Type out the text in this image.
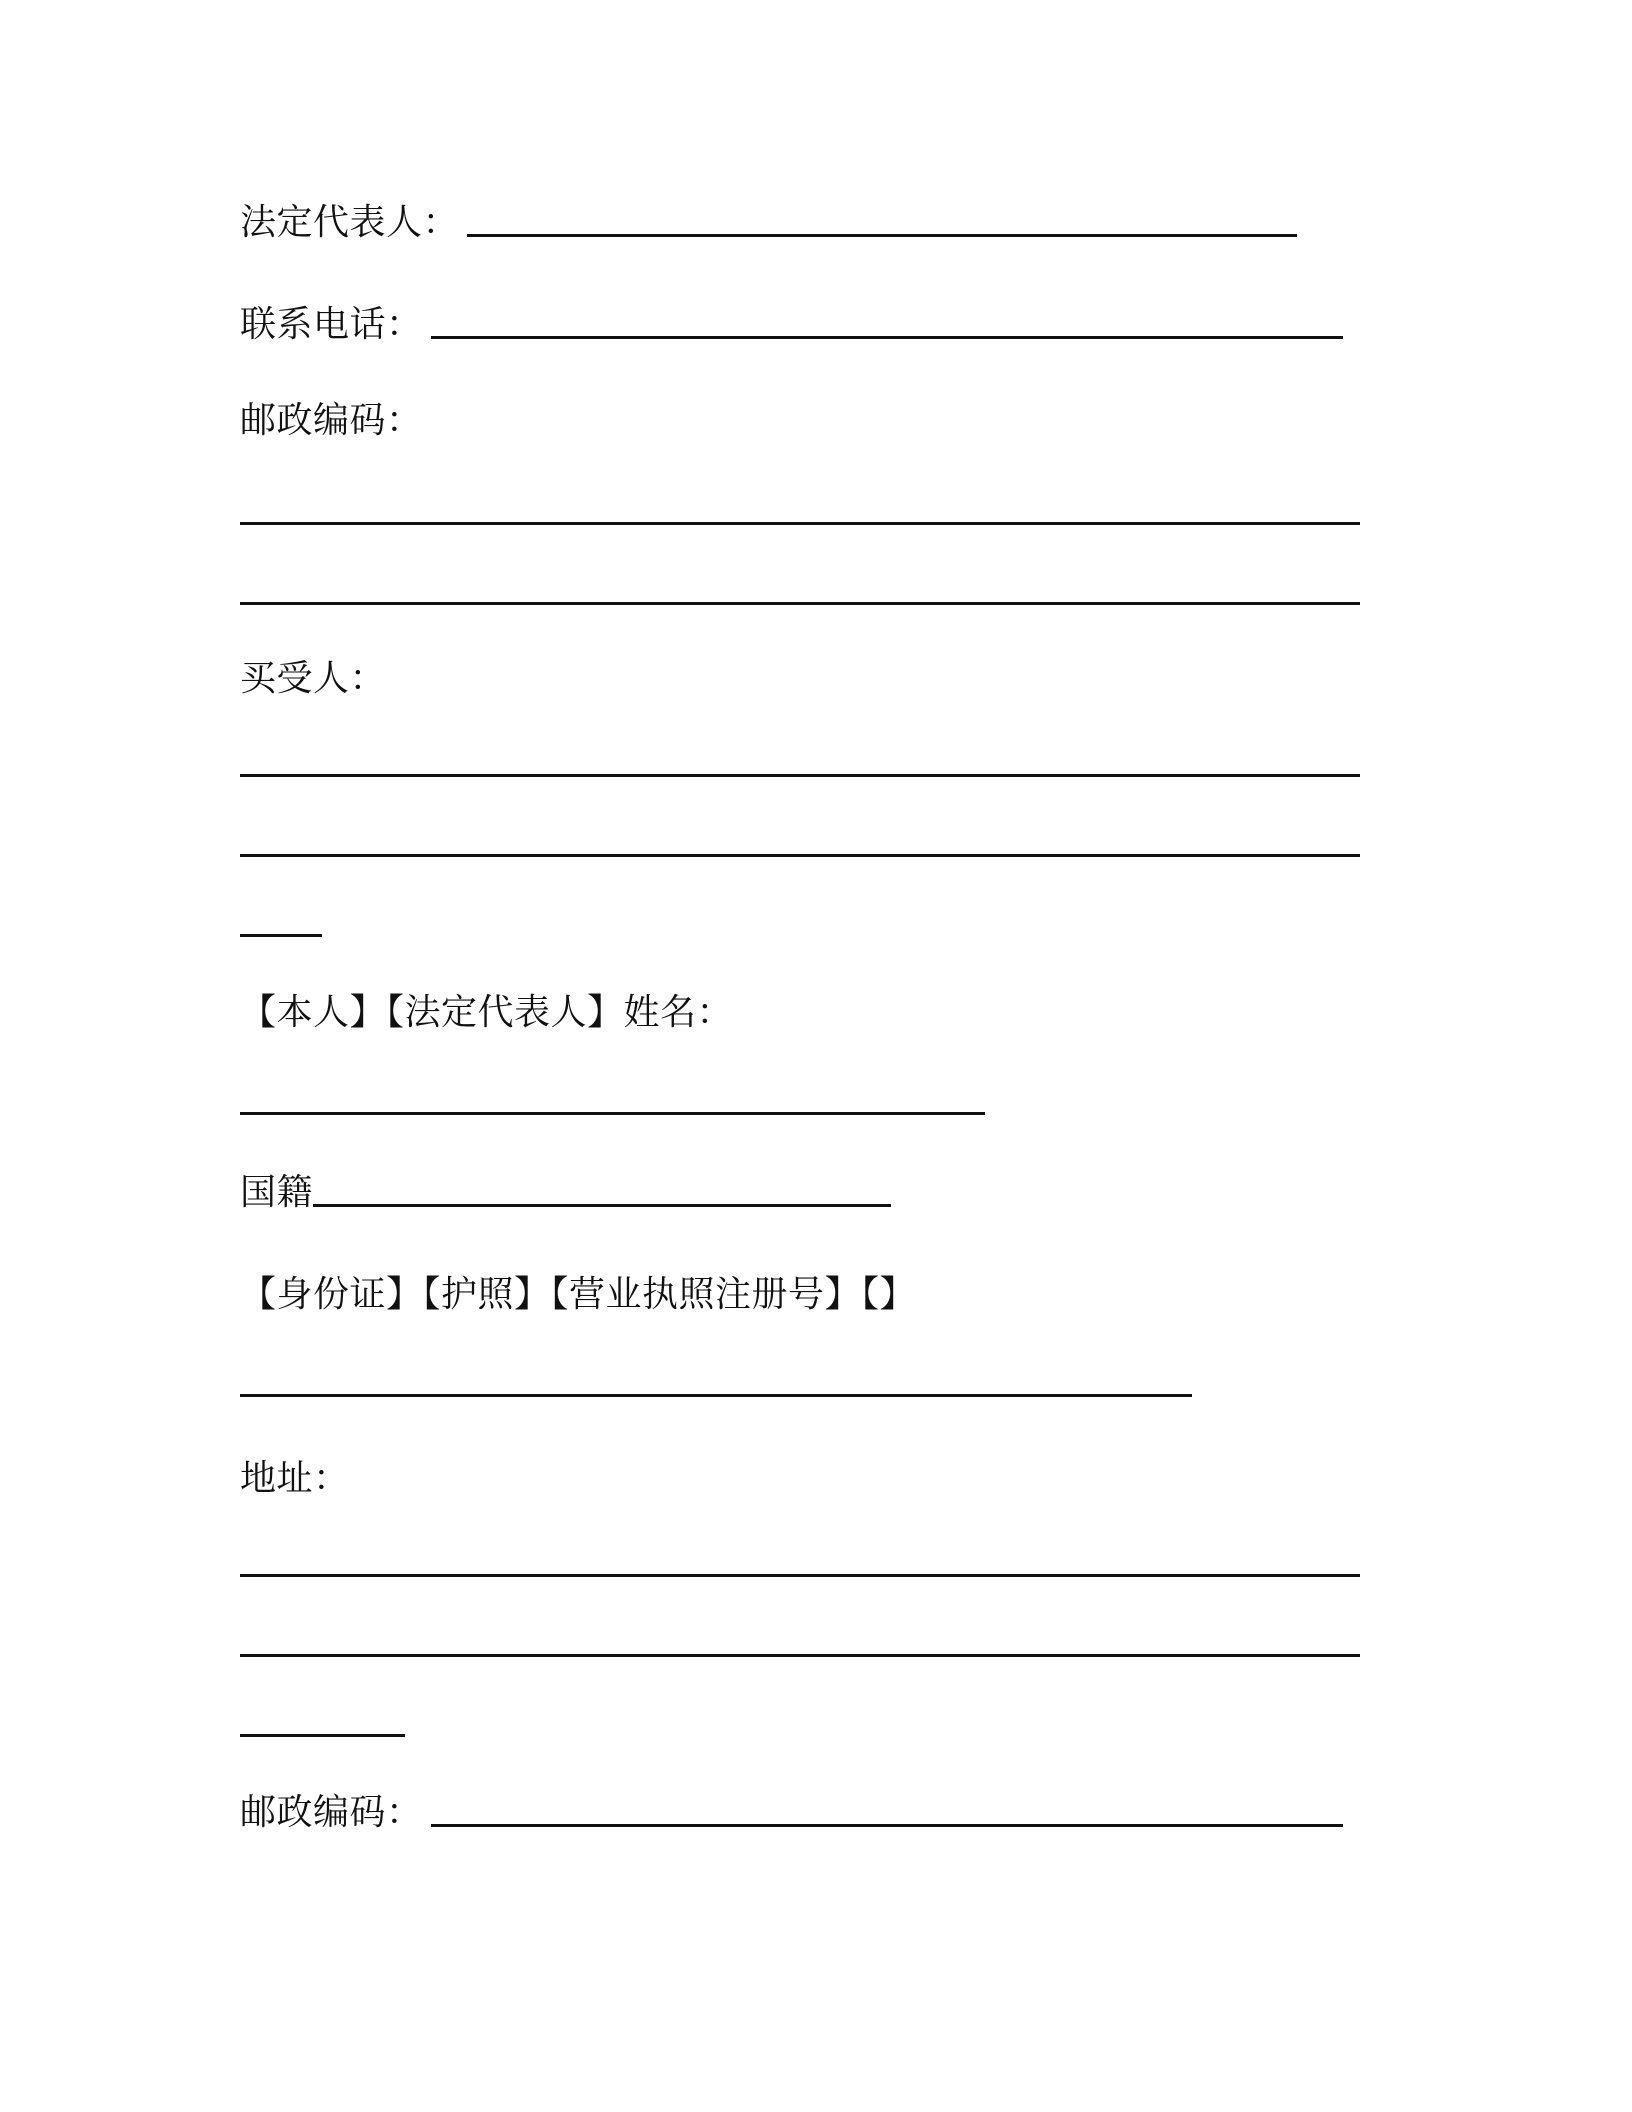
法定代表人：
联系电话：
邮政编码：
买受人：
【本人】【法定代表人】姓名：
国籍
【身份证】【护照】【营业执照注册号】【】
地址：
邮政编码：
